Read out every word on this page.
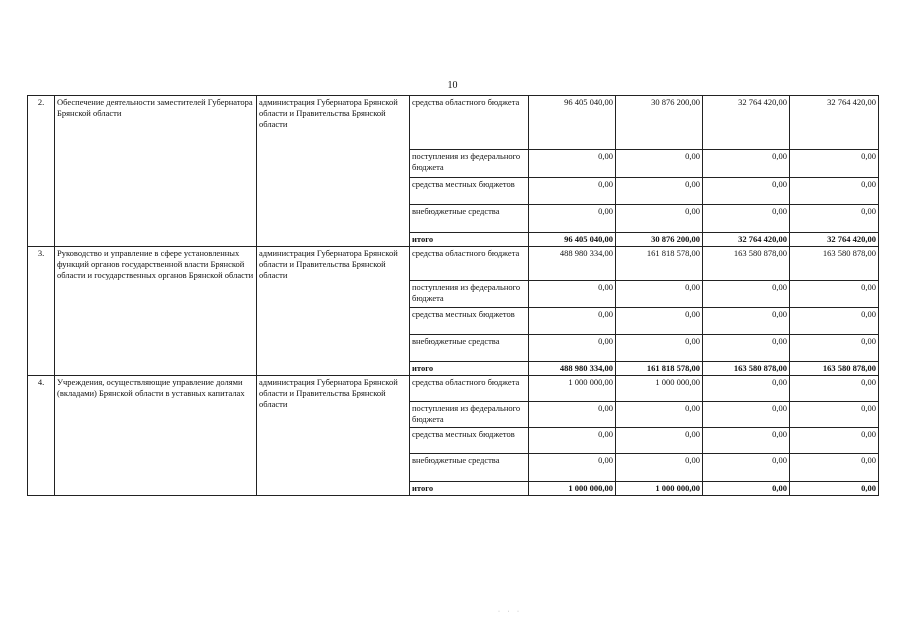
10
2.	Обеспечение деятельности заместителей Губернатора Брянской области	администрация Губернатора Брянской области и Правительства Брянской области	средства областного бюджета	96 405 040,00	30 876 200,00	32 764 420,00	32 764 420,00
			поступления из федерального бюджета	0,00	0,00	0,00	0,00
			средства местных бюджетов	0,00	0,00	0,00	0,00
			внебюджетные средства	0,00	0,00	0,00	0,00
			итого	96 405 040,00	30 876 200,00	32 764 420,00	32 764 420,00
3.	Руководство и управление в сфере установленных функций органов государственной власти Брянской области и государственных органов Брянской области	администрация Губернатора Брянской области и Правительства Брянской области	средства областного бюджета	488 980 334,00	161 818 578,00	163 580 878,00	163 580 878,00
			поступления из федерального бюджета	0,00	0,00	0,00	0,00
			средства местных бюджетов	0,00	0,00	0,00	0,00
			внебюджетные средства	0,00	0,00	0,00	0,00
			итого	488 980 334,00	161 818 578,00	163 580 878,00	163 580 878,00
4.	Учреждения, осуществляющие управление долями (вкладами) Брянской области в уставных капиталах	администрация Губернатора Брянской области и Правительства Брянской области	средства областного бюджета	1 000 000,00	1 000 000,00	0,00	0,00
			поступления из федерального бюджета	0,00	0,00	0,00	0,00
			средства местных бюджетов	0,00	0,00	0,00	0,00
			внебюджетные средства	0,00	0,00	0,00	0,00
			итого	1 000 000,00	1 000 000,00	0,00	0,00
· · ·
